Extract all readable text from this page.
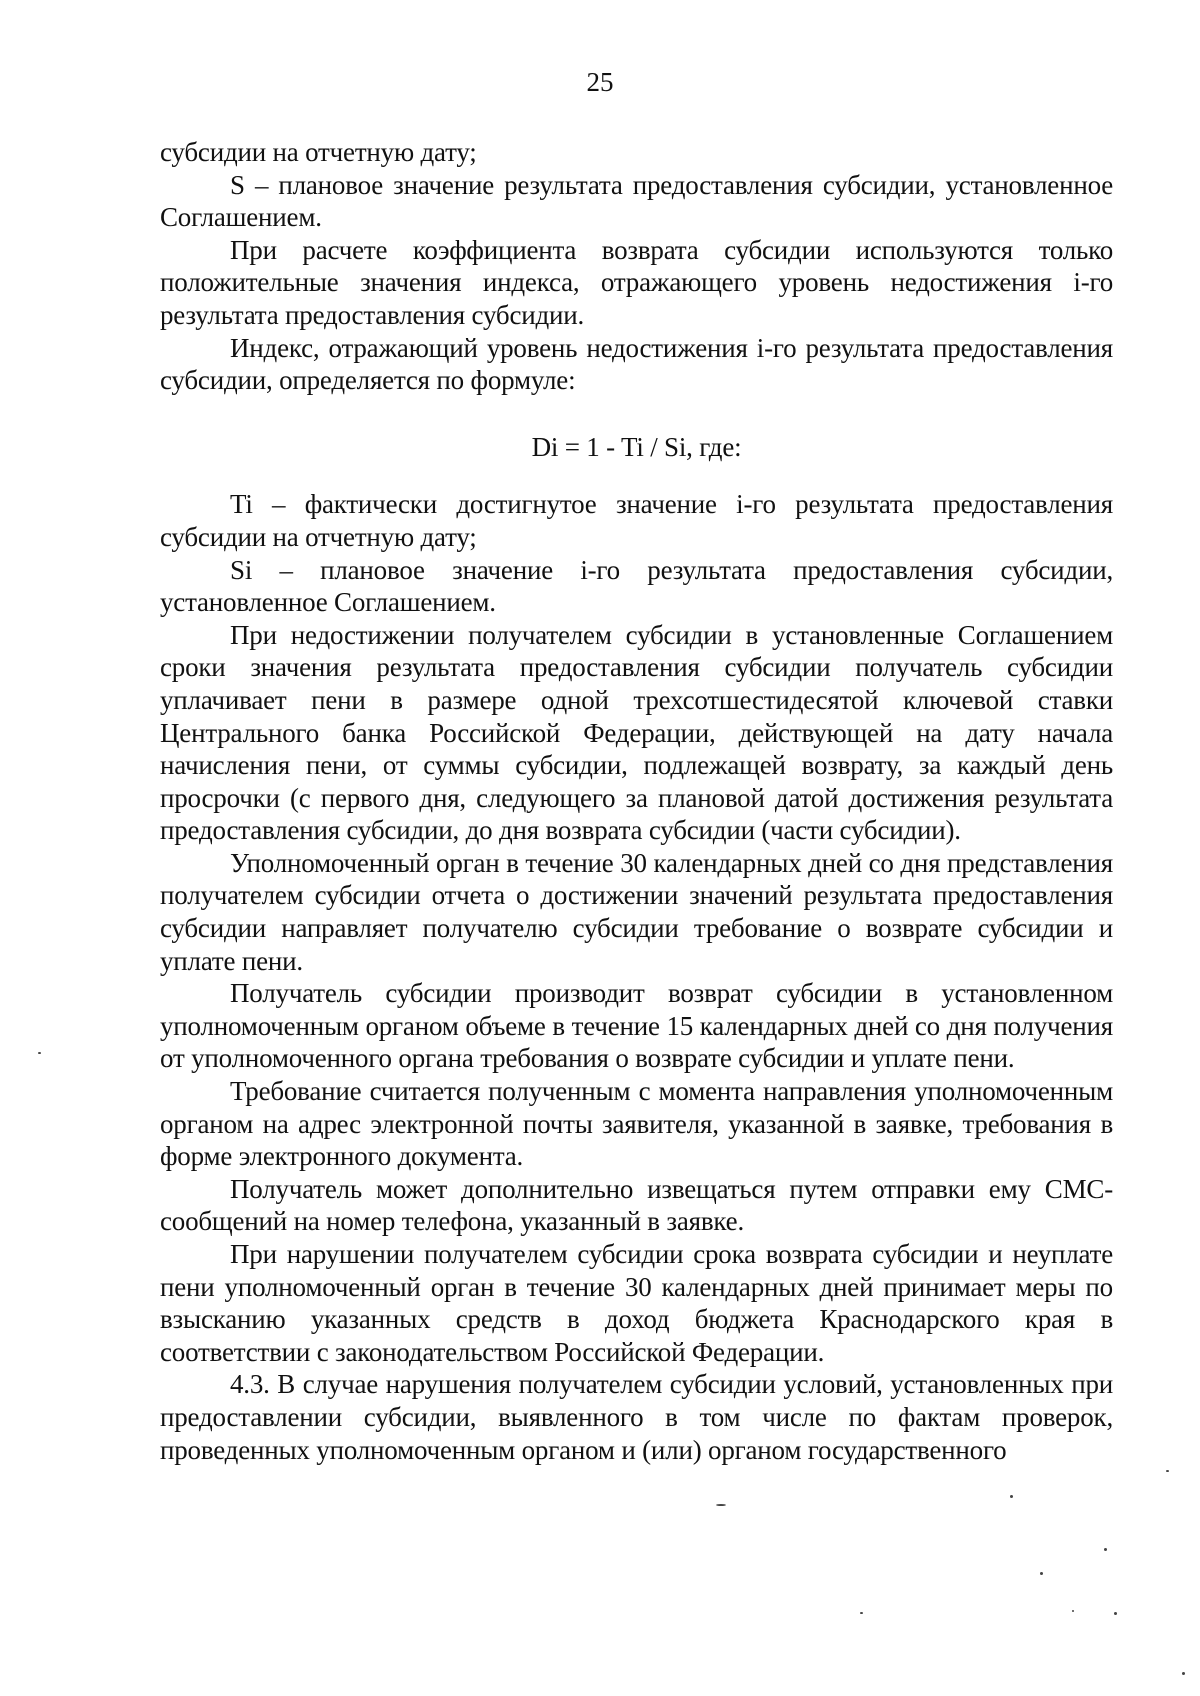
25

субсидии на отчетную дату;

S – плановое значение результата предоставления субсидии, установленное Соглашением.

При расчете коэффициента возврата субсидии используются только положительные значения индекса, отражающего уровень недостижения i-го результата предоставления субсидии.

Индекс, отражающий уровень недостижения i-го результата предоставления субсидии, определяется по формуле:

Di = 1 - Ti / Si, где:

Ti – фактически достигнутое значение i-го результата предоставления субсидии на отчетную дату;

Si – плановое значение i-го результата предоставления субсидии, установленное Соглашением.

При недостижении получателем субсидии в установленные Соглашением сроки значения результата предоставления субсидии получатель субсидии уплачивает пени в размере одной трехсотшестидесятой ключевой ставки Центрального банка Российской Федерации, действующей на дату начала начисления пени, от суммы субсидии, подлежащей возврату, за каждый день просрочки (с первого дня, следующего за плановой датой достижения результата предоставления субсидии, до дня возврата субсидии (части субсидии).

Уполномоченный орган в течение 30 календарных дней со дня представления получателем субсидии отчета о достижении значений результата предоставления субсидии направляет получателю субсидии требование о возврате субсидии и уплате пени.

Получатель субсидии производит возврат субсидии в установленном уполномоченным органом объеме в течение 15 календарных дней со дня получения от уполномоченного органа требования о возврате субсидии и уплате пени.

Требование считается полученным с момента направления уполномоченным органом на адрес электронной почты заявителя, указанной в заявке, требования в форме электронного документа.

Получатель может дополнительно извещаться путем отправки ему СМС-сообщений на номер телефона, указанный в заявке.

При нарушении получателем субсидии срока возврата субсидии и неуплате пени уполномоченный орган в течение 30 календарных дней принимает меры по взысканию указанных средств в доход бюджета Краснодарского края в соответствии с законодательством Российской Федерации.

4.3. В случае нарушения получателем субсидии условий, установленных при предоставлении субсидии, выявленного в том числе по фактам проверок, проведенных уполномоченным органом и (или) органом государственного
